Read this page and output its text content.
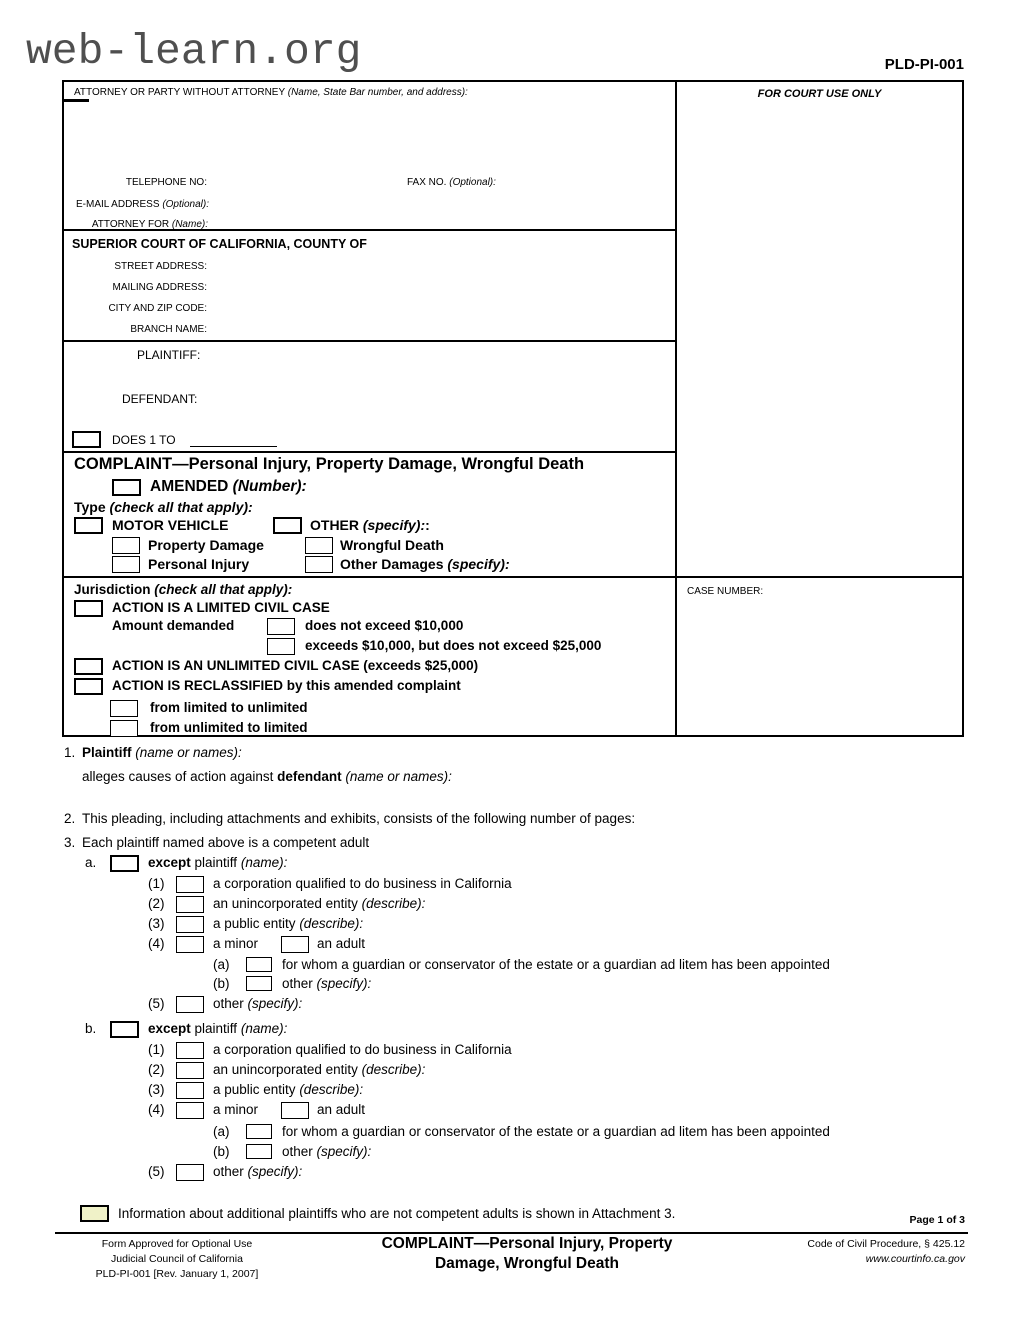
web-learn.org	PLD-PI-001
ATTORNEY OR PARTY WITHOUT ATTORNEY (Name, State Bar number, and address):
TELEPHONE NO:	FAX NO. (Optional):
E-MAIL ADDRESS (Optional):
ATTORNEY FOR (Name):
SUPERIOR COURT OF CALIFORNIA, COUNTY OF
STREET ADDRESS:
MAILING ADDRESS:
CITY AND ZIP CODE:
BRANCH NAME:
PLAINTIFF:
DEFENDANT:
DOES 1 TO
COMPLAINT—Personal Injury, Property Damage, Wrongful Death
AMENDED (Number):
Type (check all that apply):
MOTOR VEHICLE	OTHER (specify)::
Property Damage	Wrongful Death
Personal Injury	Other Damages (specify):
FOR COURT USE ONLY
Jurisdiction (check all that apply):
ACTION IS A LIMITED CIVIL CASE
Amount demanded	does not exceed $10,000
exceeds $10,000, but does not exceed $25,000
ACTION IS AN UNLIMITED CIVIL CASE (exceeds $25,000)
ACTION IS RECLASSIFIED by this amended complaint
from limited to unlimited
from unlimited to limited
CASE NUMBER:
1. Plaintiff (name or names):
alleges causes of action against defendant (name or names):
2. This pleading, including attachments and exhibits, consists of the following number of pages:
3. Each plaintiff named above is a competent adult
a.	except plaintiff (name):
(1)	a corporation qualified to do business in California
(2)	an unincorporated entity (describe):
(3)	a public entity (describe):
(4)	a minor	an adult
(a)	for whom a guardian or conservator of the estate or a guardian ad litem has been appointed
(b)	other (specify):
(5)	other (specify):
b.	except plaintiff (name):
(1)	a corporation qualified to do business in California
(2)	an unincorporated entity (describe):
(3)	a public entity (describe):
(4)	a minor	an adult
(a)	for whom a guardian or conservator of the estate or a guardian ad litem has been appointed
(b)	other (specify):
(5)	other (specify):
Information about additional plaintiffs who are not competent adults is shown in Attachment 3.	Page 1 of 3
Form Approved for Optional Use
Judicial Council of California
PLD-PI-001 [Rev. January 1, 2007]
COMPLAINT—Personal Injury, Property
Damage, Wrongful Death
Code of Civil Procedure, § 425.12
www.courtinfo.ca.gov
